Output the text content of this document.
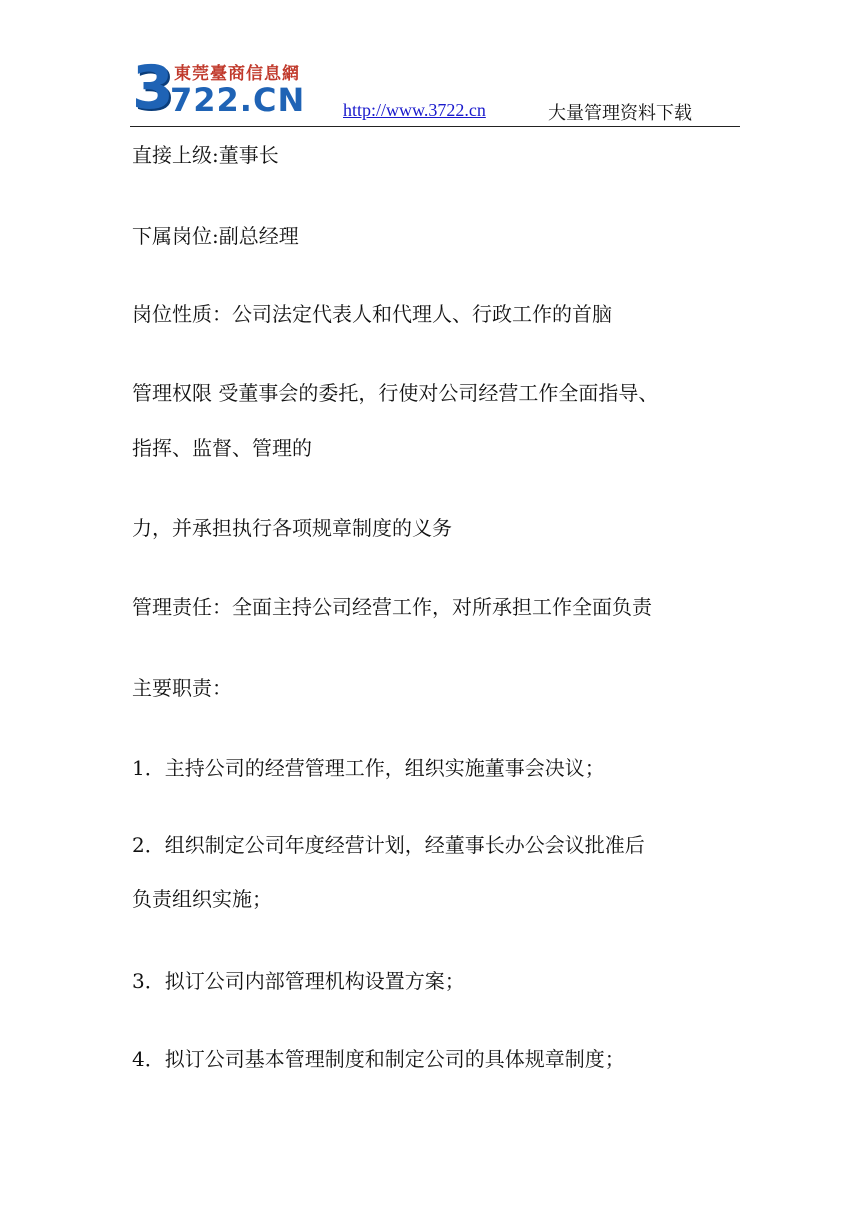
3 東莞臺商信息網
722.CN http://www.3722.cn	大量管理资料下载
直接上级:董事长
下属岗位:副总经理
岗位性质：公司法定代表人和代理人、行政工作的首脑
管理权限 受董事会的委托，行使对公司经营工作全面指导、
指挥、监督、管理的
力，并承担执行各项规章制度的义务
管理责任：全面主持公司经营工作，对所承担工作全面负责
主要职责：
1．主持公司的经营管理工作，组织实施董事会决议；
2．组织制定公司年度经营计划，经董事长办公会议批准后
负责组织实施；
3．拟订公司内部管理机构设置方案；
4．拟订公司基本管理制度和制定公司的具体规章制度；
